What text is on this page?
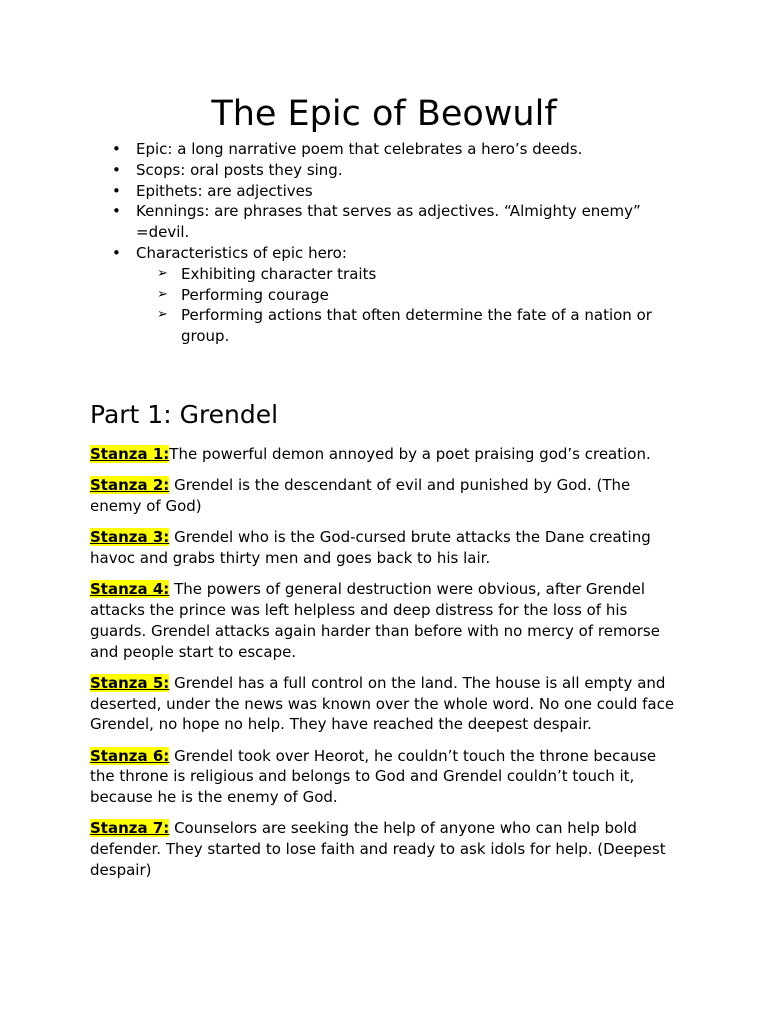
The Epic of Beowulf
• Epic: a long narrative poem that celebrates a hero’s deeds.
• Scops: oral posts they sing.
• Epithets: are adjectives
• Kennings: are phrases that serves as adjectives. “Almighty enemy” =devil.
• Characteristics of epic hero:
➢ Exhibiting character traits
➢ Performing courage
➢ Performing actions that often determine the fate of a nation or group.
Part 1: Grendel

Stanza 1:The powerful demon annoyed by a poet praising god’s creation.

Stanza 2: Grendel is the descendant of evil and punished by God. (The enemy of God)

Stanza 3: Grendel who is the God-cursed brute attacks the Dane creating havoc and grabs thirty men and goes back to his lair.

Stanza 4: The powers of general destruction were obvious, after Grendel attacks the prince was left helpless and deep distress for the loss of his guards. Grendel attacks again harder than before with no mercy of remorse and people start to escape.

Stanza 5: Grendel has a full control on the land. The house is all empty and deserted, under the news was known over the whole word. No one could face Grendel, no hope no help. They have reached the deepest despair.

Stanza 6: Grendel took over Heorot, he couldn’t touch the throne because the throne is religious and belongs to God and Grendel couldn’t touch it, because he is the enemy of God.

Stanza 7: Counselors are seeking the help of anyone who can help bold defender. They started to lose faith and ready to ask idols for help. (Deepest despair)
